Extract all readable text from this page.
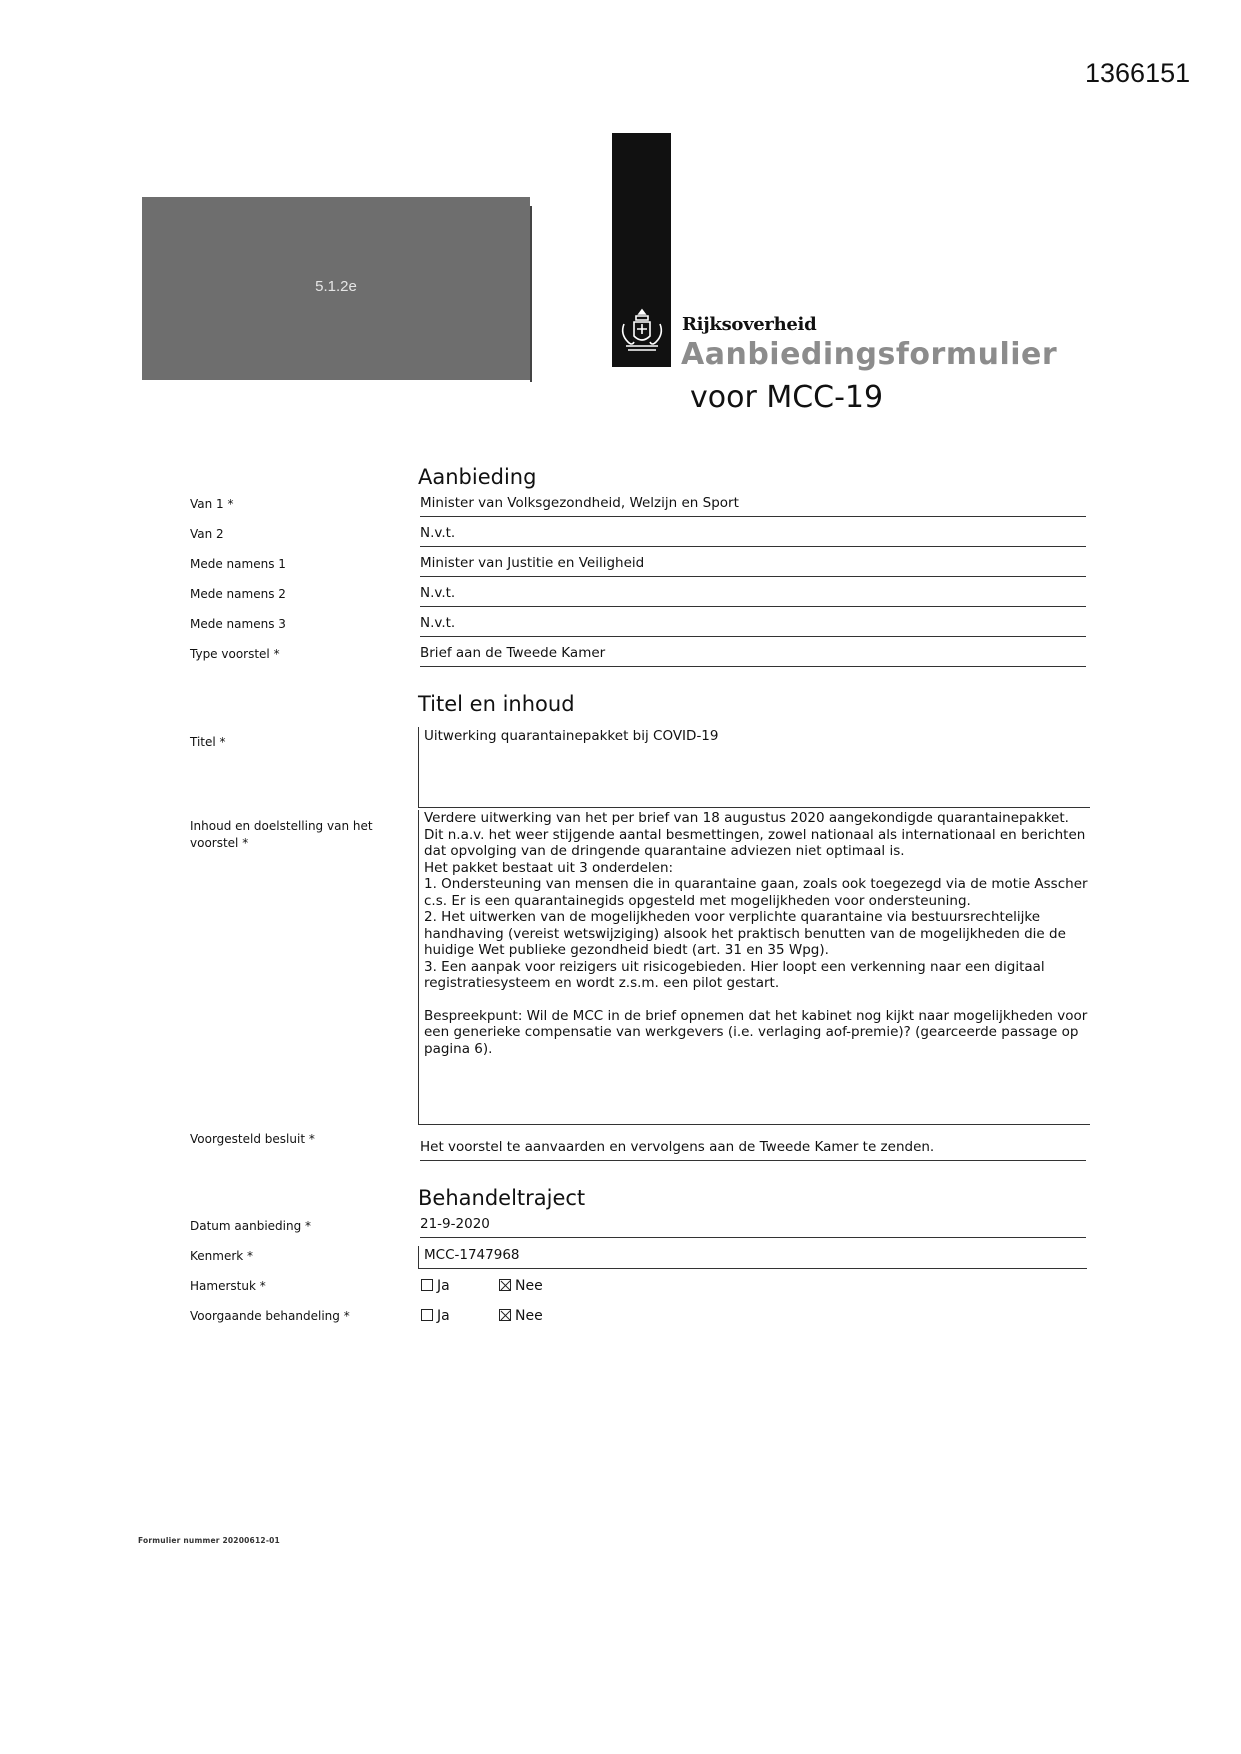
1366151
5.1.2e
Rijksoverheid
Aanbiedingsformulier
voor MCC-19
Aanbieding
Van 1 *	Minister van Volksgezondheid, Welzijn en Sport
Van 2	N.v.t.
Mede namens 1	Minister van Justitie en Veiligheid
Mede namens 2	N.v.t.
Mede namens 3	N.v.t.
Type voorstel *	Brief aan de Tweede Kamer
Titel en inhoud
Titel *	Uitwerking quarantainepakket bij COVID-19
Inhoud en doelstelling van het voorstel *

Verdere uitwerking van het per brief van 18 augustus 2020 aangekondigde quarantainepakket. Dit n.a.v. het weer stijgende aantal besmettingen, zowel nationaal als internationaal en berichten dat opvolging van de dringende quarantaine adviezen niet optimaal is.

Het pakket bestaat uit 3 onderdelen:

1. Ondersteuning van mensen die in quarantaine gaan, zoals ook toegezegd via de motie Asscher c.s. Er is een quarantainegids opgesteld met mogelijkheden voor ondersteuning.

2. Het uitwerken van de mogelijkheden voor verplichte quarantaine via bestuursrechtelijke handhaving (vereist wetswijziging) alsook het praktisch benutten van de mogelijkheden die de huidige Wet publieke gezondheid biedt (art. 31 en 35 Wpg).

3. Een aanpak voor reizigers uit risicogebieden. Hier loopt een verkenning naar een digitaal registratiesysteem en wordt z.s.m. een pilot gestart.

Bespreekpunt: Wil de MCC in de brief opnemen dat het kabinet nog kijkt naar mogelijkheden voor een generieke compensatie van werkgevers (i.e. verlaging aof-premie)? (gearceerde passage op pagina 6).

Voorgesteld besluit *	Het voorstel te aanvaarden en vervolgens aan de Tweede Kamer te zenden.
Behandeltraject
Datum aanbieding *	21-9-2020
Kenmerk *	MCC-1747968
Hamerstuk *	Ja	Nee
Voorgaande behandeling *	Ja	Nee
Formulier nummer 20200612-01
